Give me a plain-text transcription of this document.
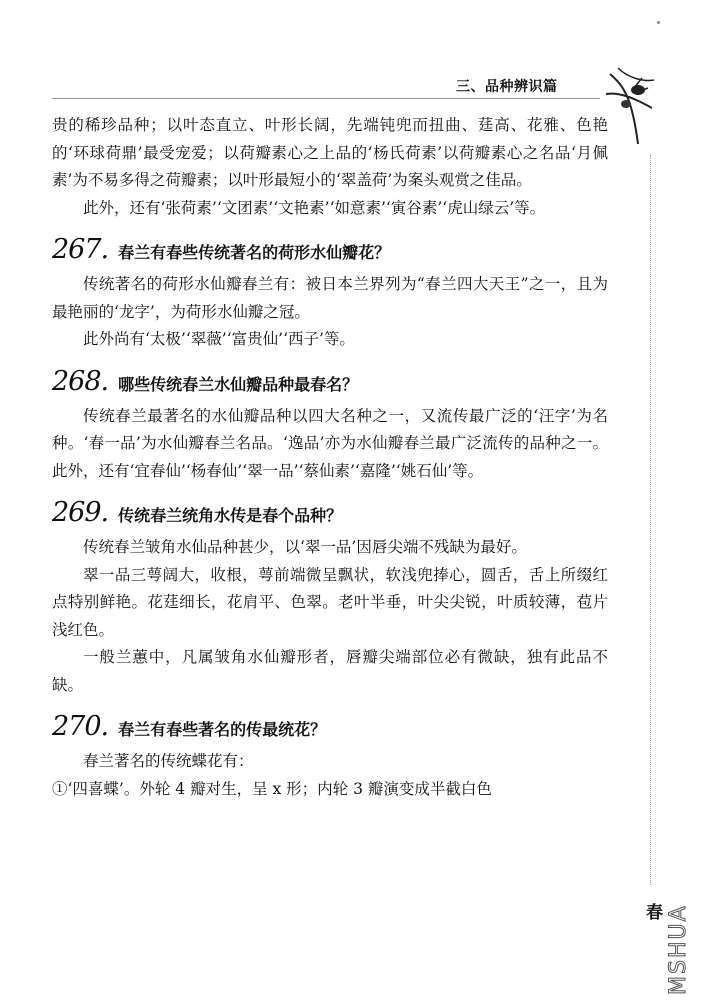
三、品种辨识篇

贵的稀珍品种；以叶态直立、叶形长阔，先端钝兜而扭曲、莛高、花雅、色艳的‘环球荷鼎’最受宠爱；以荷瓣素心之上品的‘杨氏荷素’以荷瓣素心之名品‘月佩素’为不易多得之荷瓣素；以叶形最短小的‘翠盖荷’为案头观赏之佳品。

此外，还有‘张荷素’‘文团素’‘文艳素’‘如意素’‘寅谷素’‘虎山绿云’等。

267. 春兰有春些传统著名的荷形水仙瓣花？

传统著名的荷形水仙瓣春兰有：被日本兰界列为“春兰四大天王”之一，且为最艳丽的‘龙字’，为荷形水仙瓣之冠。

此外尚有‘太极’‘翠薇’‘富贵仙’‘西子’等。

268. 哪些传统春兰水仙瓣品种最春名？

传统春兰最著名的水仙瓣品种以四大名种之一，又流传最广泛的‘汪字’为名种。‘春一品’为水仙瓣春兰名品。‘逸品’亦为水仙瓣春兰最广泛流传的品种之一。此外，还有‘宜春仙’‘杨春仙’‘翠一品’‘蔡仙素’‘嘉隆’‘姚石仙’等。

269. 传统春兰统角水传是春个品种？

传统春兰皱角水仙品种甚少，以‘翠一品’因唇尖端不残缺为最好。

翠一品三萼阔大，收根，萼前端微呈飘状，软浅兜捧心，圆舌，舌上所缀红点特别鲜艳。花莛细长，花肩平、色翠。老叶半垂，叶尖尖锐，叶质较薄，苞片浅红色。

一般兰蕙中，凡属皱角水仙瓣形者，唇瓣尖端部位必有微缺，独有此品不缺。

270. 春兰有春些著名的传最统花？

春兰著名的传统蝶花有：

①‘四喜蝶’。外轮 4 瓣对生，呈 x 形；内轮 3 瓣演变成半截白色

春 MSHUA
